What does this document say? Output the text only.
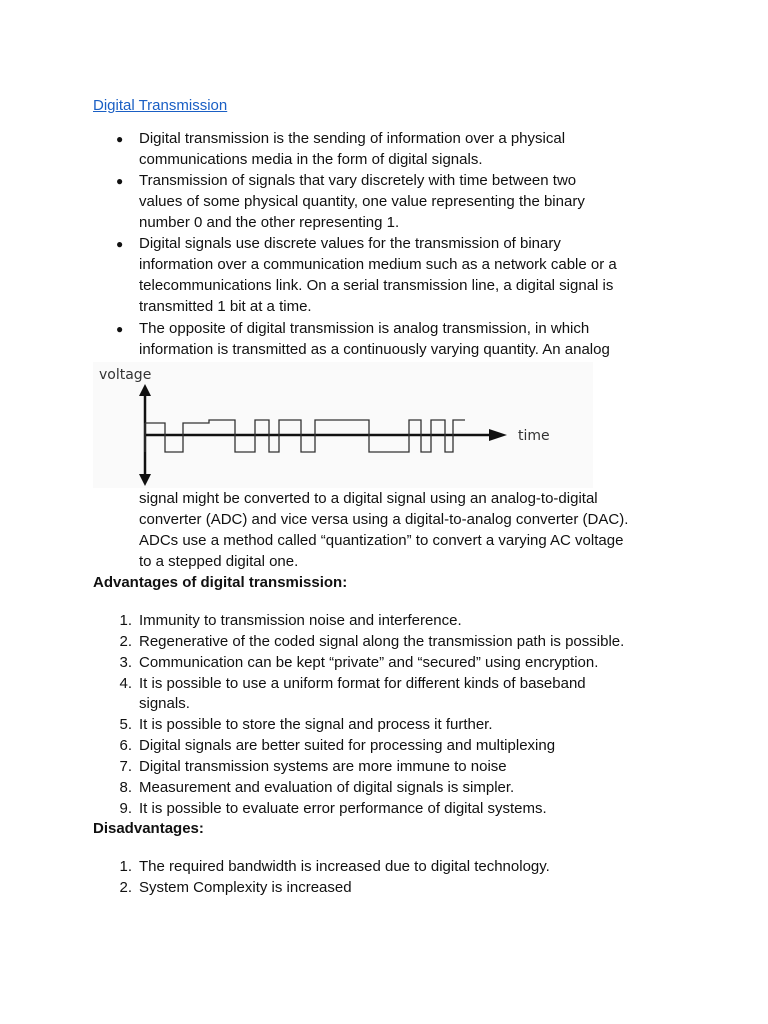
Digital Transmission
● Digital transmission is the sending of information over a physical
communications media in the form of digital signals.
● Transmission of signals that vary discretely with time between two
values of some physical quantity, one value representing the binary
number 0 and the other representing 1.
● Digital signals use discrete values for the transmission of binary
information over a communication medium such as a network cable or a
telecommunications link. On a serial transmission line, a digital signal is
transmitted 1 bit at a time.
● The opposite of digital transmission is analog transmission, in which
information is transmitted as a continuously varying quantity. An analog
voltage
time
signal might be converted to a digital signal using an analog-to-digital
converter (ADC) and vice versa using a digital-to-analog converter (DAC).
ADCs use a method called “quantization” to convert a varying AC voltage
to a stepped digital one.
Advantages of digital transmission:
1. Immunity to transmission noise and interference.
2. Regenerative of the coded signal along the transmission path is possible.
3. Communication can be kept “private” and “secured” using encryption.
4. It is possible to use a uniform format for different kinds of baseband
signals.
5. It is possible to store the signal and process it further.
6. Digital signals are better suited for processing and multiplexing
7. Digital transmission systems are more immune to noise
8. Measurement and evaluation of digital signals is simpler.
9. It is possible to evaluate error performance of digital systems.
Disadvantages:
1. The required bandwidth is increased due to digital technology.
2. System Complexity is increased
